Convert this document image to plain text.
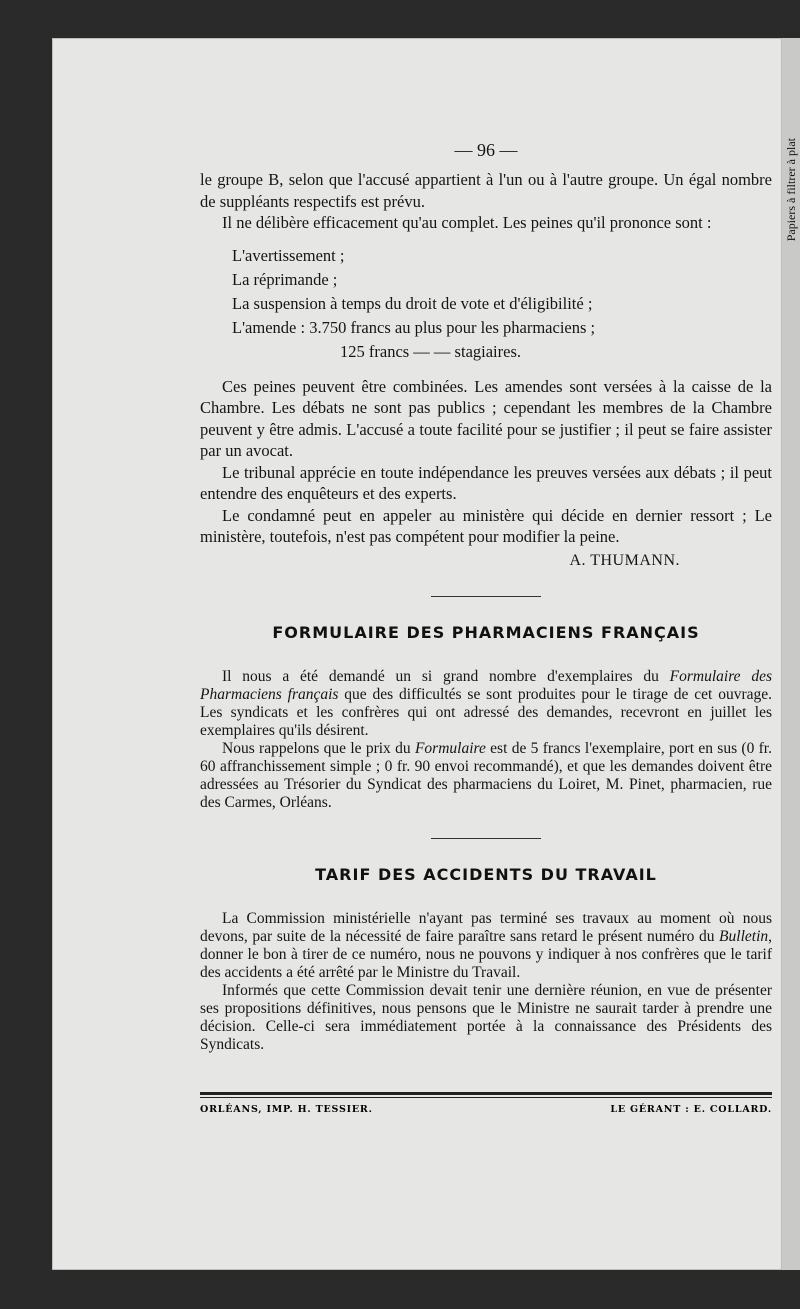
Papiers à filtrer à plat
— 96 —

le groupe B, selon que l'accusé appartient à l'un ou à l'autre groupe. Un égal nombre de suppléants respectifs est prévu.

Il ne délibère efficacement qu'au complet. Les peines qu'il prononce sont :

L'avertissement ;
La réprimande ;
La suspension à temps du droit de vote et d'éligibilité ;
L'amende : 3.750 francs au plus pour les pharmaciens ;
125 francs — — stagiaires.

Ces peines peuvent être combinées. Les amendes sont versées à la caisse de la Chambre. Les débats ne sont pas publics ; cependant les membres de la Chambre peuvent y être admis. L'accusé a toute facilité pour se justifier ; il peut se faire assister par un avocat.

Le tribunal apprécie en toute indépendance les preuves versées aux débats ; il peut entendre des enquêteurs et des experts.

Le condamné peut en appeler au ministère qui décide en dernier ressort ; Le ministère, toutefois, n'est pas compétent pour modifier la peine.

A. THUMANN.
FORMULAIRE DES PHARMACIENS FRANÇAIS

Il nous a été demandé un si grand nombre d'exemplaires du Formulaire des Pharmaciens français que des difficultés se sont produites pour le tirage de cet ouvrage. Les syndicats et les confrères qui ont adressé des demandes, recevront en juillet les exemplaires qu'ils désirent.

Nous rappelons que le prix du Formulaire est de 5 francs l'exemplaire, port en sus (0 fr. 60 affranchissement simple ; 0 fr. 90 envoi recommandé), et que les demandes doivent être adressées au Trésorier du Syndicat des pharmaciens du Loiret, M. Pinet, pharmacien, rue des Carmes, Orléans.

TARIF DES ACCIDENTS DU TRAVAIL

La Commission ministérielle n'ayant pas terminé ses travaux au moment où nous devons, par suite de la nécessité de faire paraître sans retard le présent numéro du Bulletin, donner le bon à tirer de ce numéro, nous ne pouvons y indiquer à nos confrères que le tarif des accidents a été arrêté par le Ministre du Travail.

Informés que cette Commission devait tenir une dernière réunion, en vue de présenter ses propositions définitives, nous pensons que le Ministre ne saurait tarder à prendre une décision. Celle-ci sera immédiatement portée à la connaissance des Présidents des Syndicats.

ORLÉANS, IMP. H. TESSIER.	LE GÉRANT : E. COLLARD.
